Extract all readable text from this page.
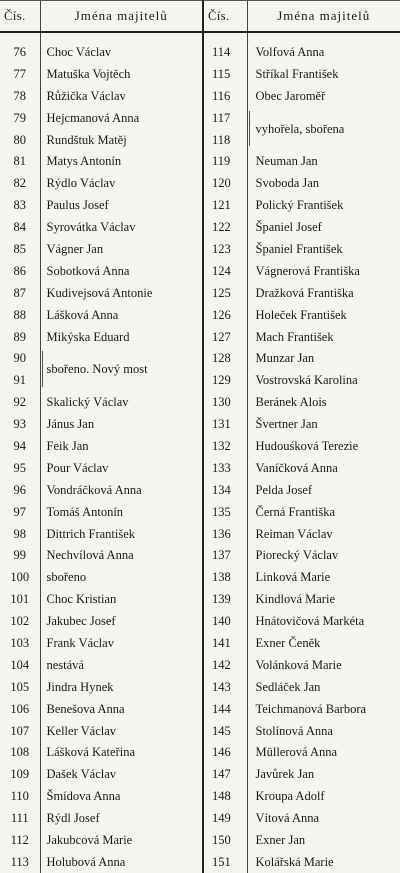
Čís.	Jména majitelů	Čís.	Jména majitelů
76	Choc Václav	114	Volfová Anna
77	Matuška Vojtěch	115	Stříkal František
78	Růžička Václav	116	Obec Jaroměř
79	Hejcmanová Anna	117	vyhořela, sbořena
80	Rundštuk Matěj	118	
81	Matys Antonín	119	Neuman Jan
82	Rýdlo Václav	120	Svoboda Jan
83	Paulus Josef	121	Polický František
84	Syrovátka Václav	122	Španiel Josef
85	Vágner Jan	123	Španiel František
86	Sobotková Anna	124	Vágnerová Františka
87	Kudivejsová Antonie	125	Dražková Františka
88	Lášková Anna	126	Holeček František
89	Mikýska Eduard	127	Mach František
90	sbořeno. Nový most	128	Munzar Jan
91		129	Vostrovská Karolina
92	Skalický Václav	130	Beránek Alois
93	Jánus Jan	131	Švertner Jan
94	Feik Jan	132	Hudouśková Terezie
95	Pour Václav	133	Vaníčková Anna
96	Vondráčková Anna	134	Pelda Josef
97	Tomáš Antonín	135	Černá Františka
98	Dittrich František	136	Reiman Václav
99	Nechvílová Anna	137	Piorecký Václav
100	sbořeno	138	Linková Marie
101	Choc Kristian	139	Kindlová Marie
102	Jakubec Josef	140	Hnátovičová Markéta
103	Frank Václav	141	Exner Čeněk
104	nestává	142	Volánková Marie
105	Jindra Hynek	143	Sedláček Jan
106	Benešova Anna	144	Teichmanová Barbora
107	Keller Václav	145	Stolínová Anna
108	Lášková Kateřina	146	Müllerová Anna
109	Dašek Václav	147	Javůrek Jan
110	Šmídova Anna	148	Kroupa Adolf
111	Rýdl Josef	149	Vítová Anna
112	Jakubcová Marie	150	Exner Jan
113	Holubová Anna	151	Kolářská Marie
